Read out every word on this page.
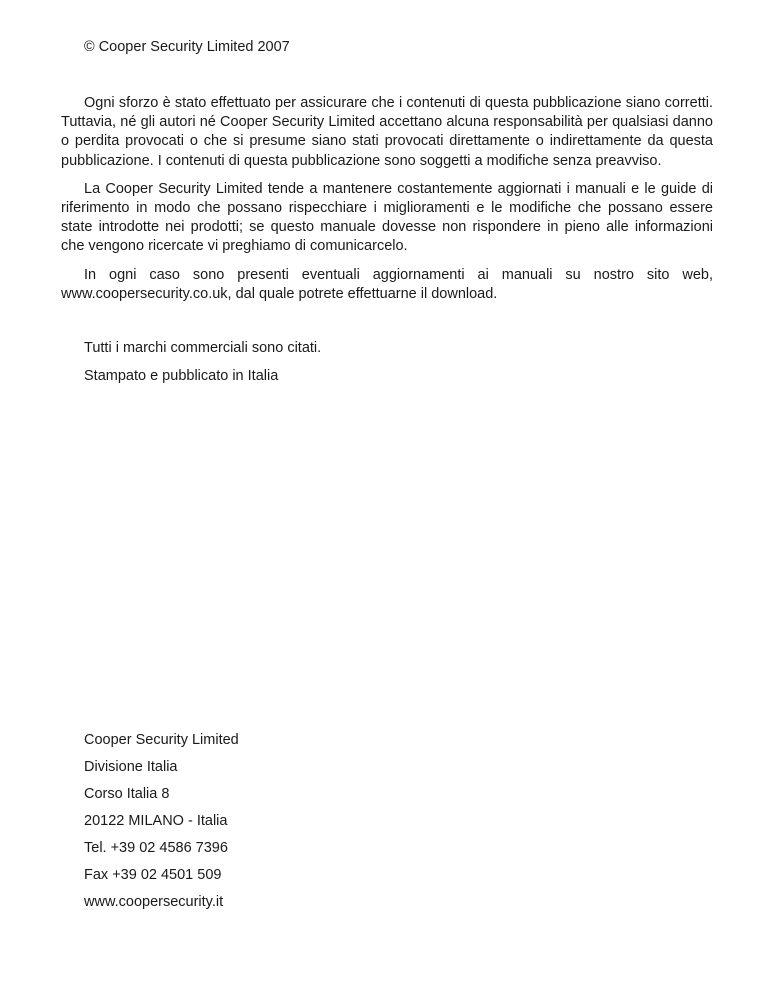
© Cooper Security Limited 2007

Ogni sforzo è stato effettuato per assicurare che i contenuti di questa pubblicazione siano corretti. Tuttavia, né gli autori né Cooper Security Limited accettano alcuna responsabilità per qualsiasi danno o perdita provocati o che si presume siano stati provocati direttamente o indirettamente da questa pubblicazione. I contenuti di questa pubblicazione sono soggetti a modifiche senza preavviso.

La Cooper Security Limited tende a mantenere costantemente aggiornati i manuali e le guide di riferimento in modo che possano rispecchiare i miglioramenti e le modifiche che possano essere state introdotte nei prodotti; se questo manuale dovesse non rispondere in pieno alle informazioni che vengono ricercate vi preghiamo di comunicarcelo.

In ogni caso sono presenti eventuali aggiornamenti ai manuali su nostro sito web, www.coopersecurity.co.uk, dal quale potrete effettuarne il download.

Tutti i marchi commerciali sono citati.

Stampato e pubblicato in Italia

Cooper Security Limited

Divisione Italia

Corso Italia 8

20122 MILANO - Italia

Tel. +39 02 4586 7396

Fax +39 02 4501 509

www.coopersecurity.it
